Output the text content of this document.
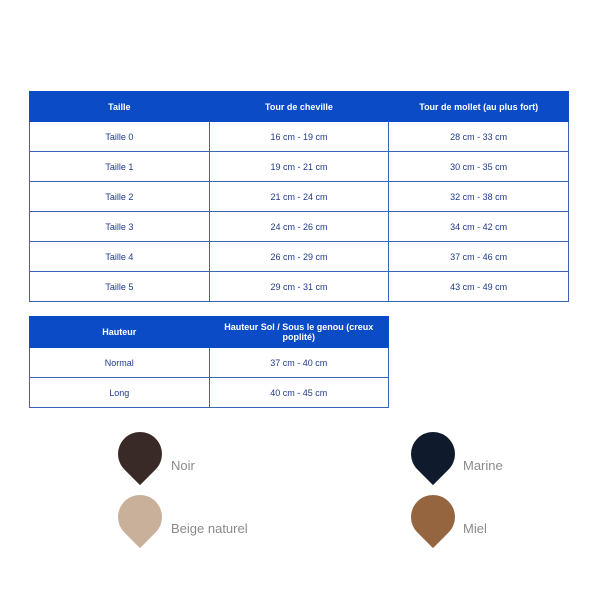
Taille	Tour de cheville	Tour de mollet (au plus fort)
Taille 0	16 cm - 19 cm	28 cm - 33 cm
Taille 1	19 cm - 21 cm	30 cm - 35 cm
Taille 2	21 cm - 24 cm	32 cm - 38 cm
Taille 3	24 cm - 26 cm	34 cm - 42 cm
Taille 4	26 cm - 29 cm	37 cm - 46 cm
Taille 5	29 cm - 31 cm	43 cm - 49 cm
Hauteur	Hauteur Sol / Sous le genou (creux poplité)
Normal	37 cm - 40 cm
Long	40 cm - 45 cm
Noir	Marine
Beige naturel	Miel
